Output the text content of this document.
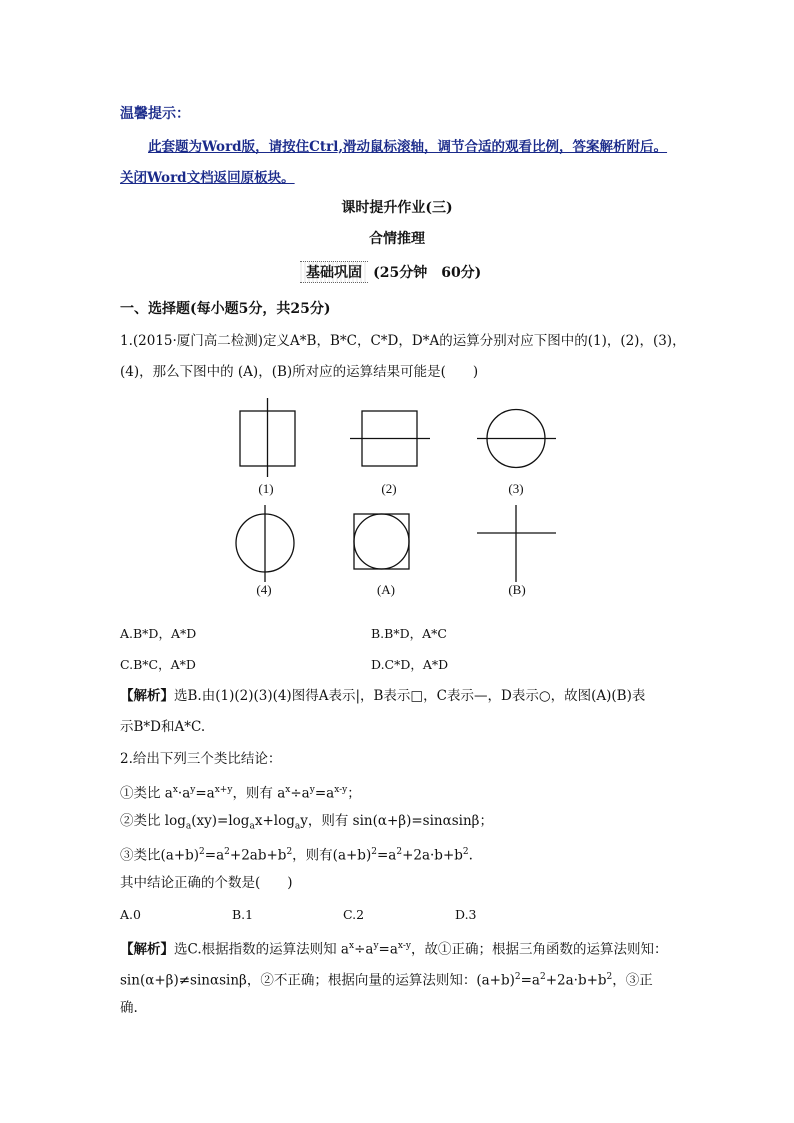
温馨提示：
此套题为Word版，请按住Ctrl,滑动鼠标滚轴，调节合适的观看比例，答案解析附后。
关闭Word文档返回原板块。
课时提升作业(三)
合情推理
基础巩固 (25分钟　60分)
一、选择题(每小题5分，共25分)
1.(2015·厦门高二检测)定义A*B，B*C，C*D，D*A的运算分别对应下图中的(1)，(2)，(3)，
(4)，那么下图中的 (A)，(B)所对应的运算结果可能是(　　)
(1)	(2)	(3)
(4)	(A)	(B)
A.B*D，A*D	B.B*D，A*C
C.B*C，A*D	D.C*D，A*D
【解析】选B.由(1)(2)(3)(4)图得A表示|，B表示□，C表示—，D表示○，故图(A)(B)表
示B*D和A*C.
2.给出下列三个类比结论：
①类比 $a^x\cdot a^y=a^{x+y}$，则有 $a^x\div a^y=a^{x-y}$；
②类比 $\log_a(xy)=\log_ax+\log_ay$，则有 sin(α+β)=sinαsinβ；
③类比$(a+b)^2=a^2+2ab+b^2$，则有$(a+b)^2=a^2+2a\cdot b+b^2$.
其中结论正确的个数是(　　)
A.0	B.1	C.2	D.3
【解析】选C.根据指数的运算法则知 $a^x\div a^y=a^{x-y}$，故①正确；根据三角函数的运算法则知：
sin(α+β)≠sinαsinβ，②不正确；根据向量的运算法则知：$(a+b)^2=a^2+2a\cdot b+b^2$，③正
确.
